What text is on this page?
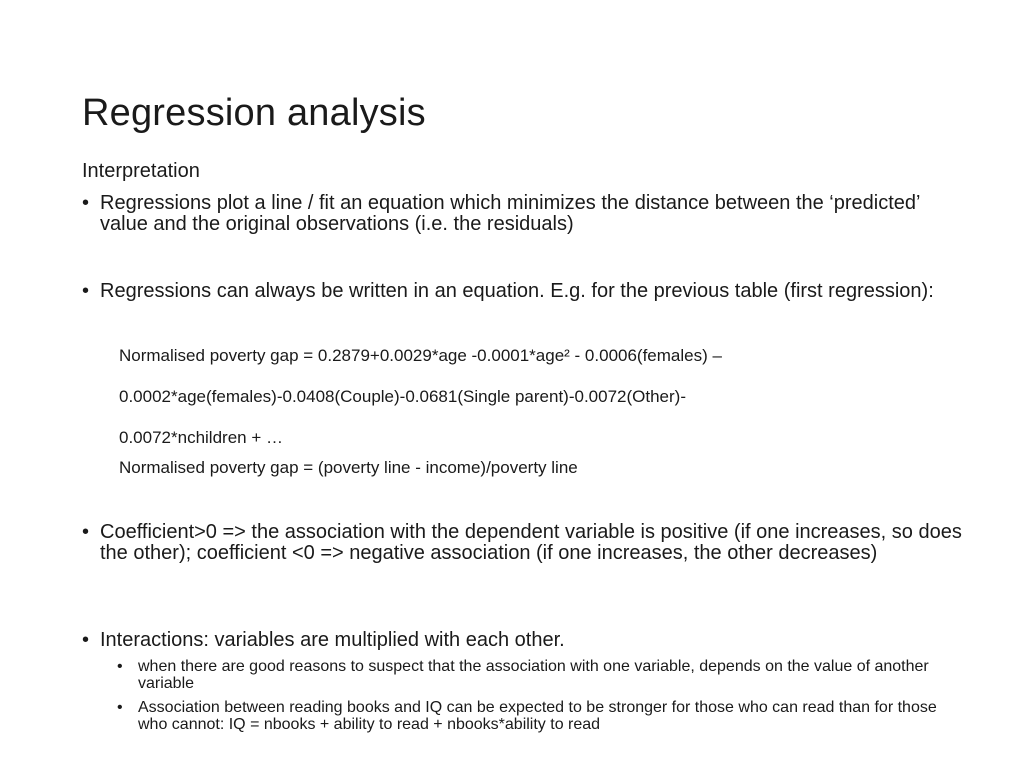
Regression analysis
Interpretation
• Regressions plot a line / fit an equation which minimizes the distance between the ‘predicted’ value and the original observations (i.e. the residuals)
• Regressions can always be written in an equation. E.g. for the previous table (first regression):
Normalised poverty gap = 0.2879+0.0029*age -0.0001*age² - 0.0006(females) –
0.0002*age(females)-0.0408(Couple)-0.0681(Single parent)-0.0072(Other)-
0.0072*nchildren + …
Normalised poverty gap = (poverty line - income)/poverty line
• Coefficient>0 => the association with the dependent variable is positive (if one increases, so does the other); coefficient <0 => negative association (if one increases, the other decreases)
• Interactions: variables are multiplied with each other.
• when there are good reasons to suspect that the association with one variable, depends on the value of another variable
• Association between reading books and IQ can be expected to be stronger for those who can read than for those who cannot: IQ = nbooks + ability to read + nbooks*ability to read
